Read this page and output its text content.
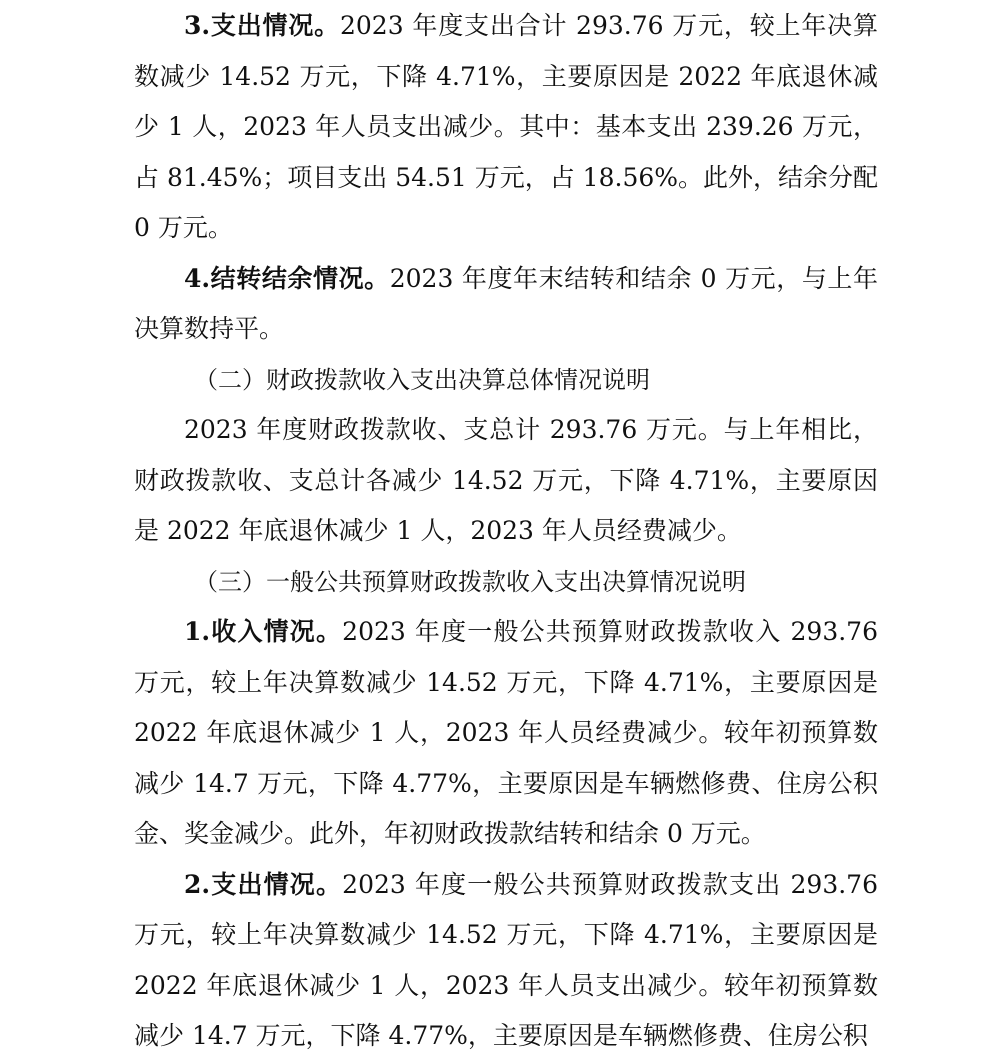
3.支出情况。2023 年度支出合计 293.76 万元，较上年决算数减少 14.52 万元，下降 4.71%，主要原因是 2022 年底退休减少 1 人，2023 年人员支出减少。其中：基本支出 239.26 万元，占 81.45%；项目支出 54.51 万元，占 18.56%。此外，结余分配 0 万元。

4.结转结余情况。2023 年度年末结转和结余 0 万元，与上年决算数持平。

（二）财政拨款收入支出决算总体情况说明

2023 年度财政拨款收、支总计 293.76 万元。与上年相比，财政拨款收、支总计各减少 14.52 万元，下降 4.71%，主要原因是 2022 年底退休减少 1 人，2023 年人员经费减少。

（三）一般公共预算财政拨款收入支出决算情况说明

1.收入情况。2023 年度一般公共预算财政拨款收入 293.76 万元，较上年决算数减少 14.52 万元，下降 4.71%，主要原因是 2022 年底退休减少 1 人，2023 年人员经费减少。较年初预算数减少 14.7 万元，下降 4.77%，主要原因是车辆燃修费、住房公积金、奖金减少。此外，年初财政拨款结转和结余 0 万元。

2.支出情况。2023 年度一般公共预算财政拨款支出 293.76 万元，较上年决算数减少 14.52 万元，下降 4.71%，主要原因是 2022 年底退休减少 1 人，2023 年人员支出减少。较年初预算数减少 14.7 万元，下降 4.77%，主要原因是车辆燃修费、住房公积
